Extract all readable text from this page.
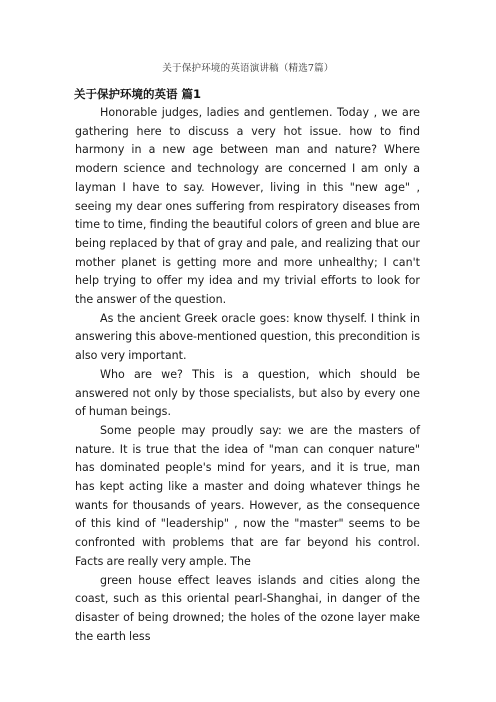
关于保护环境的英语演讲稿（精选7篇）
关于保护环境的英语 篇1

Honorable judges, ladies and gentlemen. Today , we are gathering here to discuss a very hot issue. how to find harmony in a new age between man and nature? Where modern science and technology are concerned I am only a layman I have to say. However, living in this "new age" , seeing my dear ones suffering from respiratory diseases from time to time, finding the beautiful colors of green and blue are being replaced by that of gray and pale, and realizing that our mother planet is getting more and more unhealthy; I can't help trying to offer my idea and my trivial efforts to look for the answer of the question.

As the ancient Greek oracle goes: know thyself. I think in answering this above-mentioned question, this precondition is also very important.

Who are we? This is a question, which should be answered not only by those specialists, but also by every one of human beings.

Some people may proudly say: we are the masters of nature. It is true that the idea of "man can conquer nature" has dominated people's mind for years, and it is true, man has kept acting like a master and doing whatever things he wants for thousands of years. However, as the consequence of this kind of "leadership" , now the "master" seems to be confronted with problems that are far beyond his control. Facts are really very ample. The

green house effect leaves islands and cities along the coast, such as this oriental pearl-Shanghai, in danger of the disaster of being drowned; the holes of the ozone layer make the earth less
